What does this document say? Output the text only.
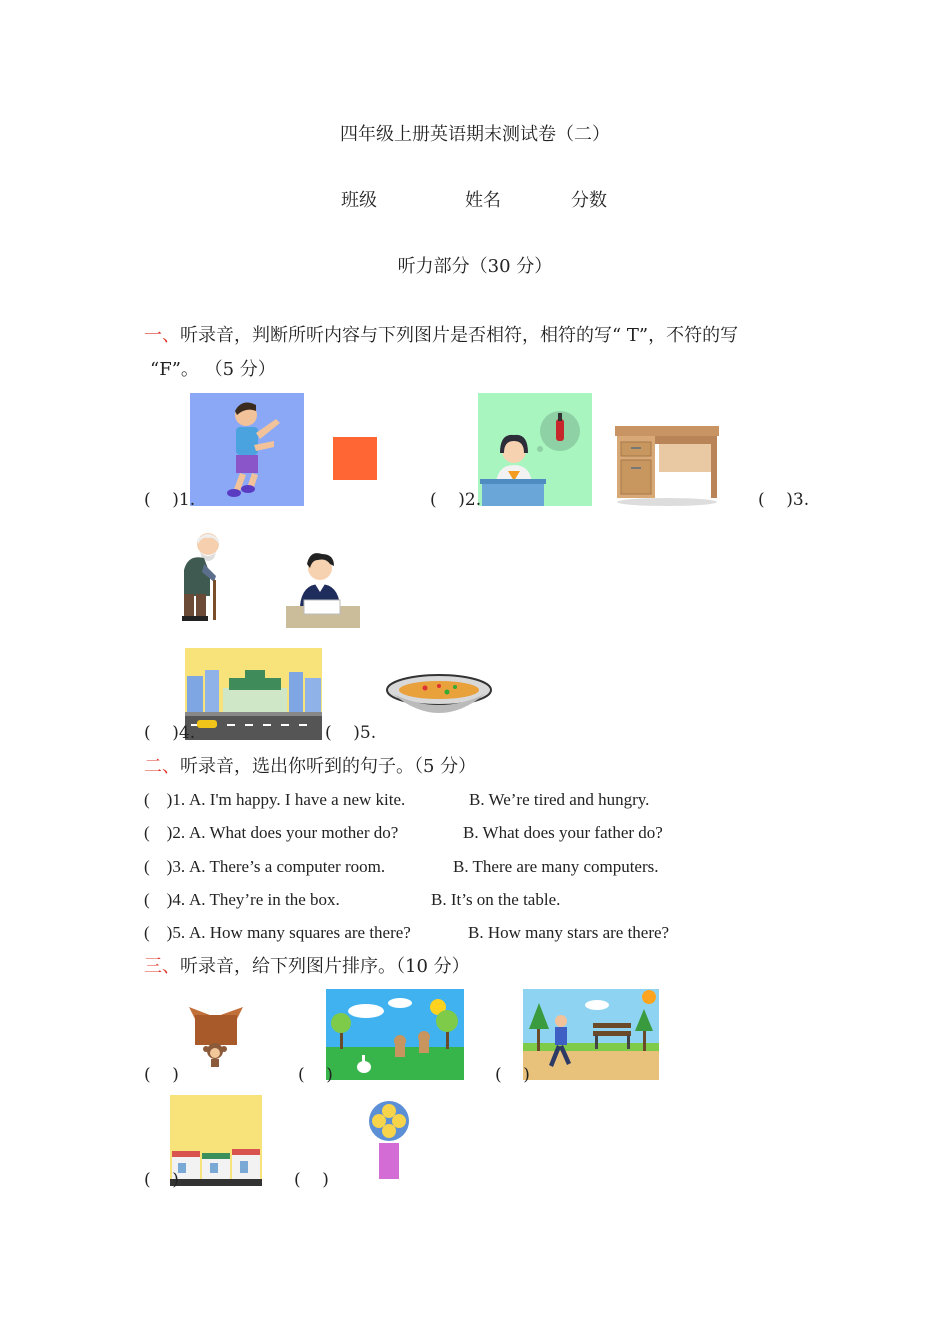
四年级上册英语期末测试卷（二）
班级	姓名	分数
听力部分（30 分）
一、听录音，判断所听内容与下列图片是否相符，相符的写“ T”，不符的写
“F”。 （5 分）
(    )1.	(    )2.	(    )3.
(    )4.	(    )5.
二、听录音，选出你听到的句子。（5 分）
(    )1. A. I'm happy. I have a new kite.	B. We’re tired and hungry.
(    )2. A. What does your mother do?	B. What does your father do?
(    )3. A. There’s a computer room.	B. There are many computers.
(    )4. A. They’re in the box.	B. It’s on the table.
(    )5. A. How many squares are there?	B. How many stars are there?
三、听录音，给下列图片排序。（10 分）
(    )	(    )	(    )
(    )	(    )
